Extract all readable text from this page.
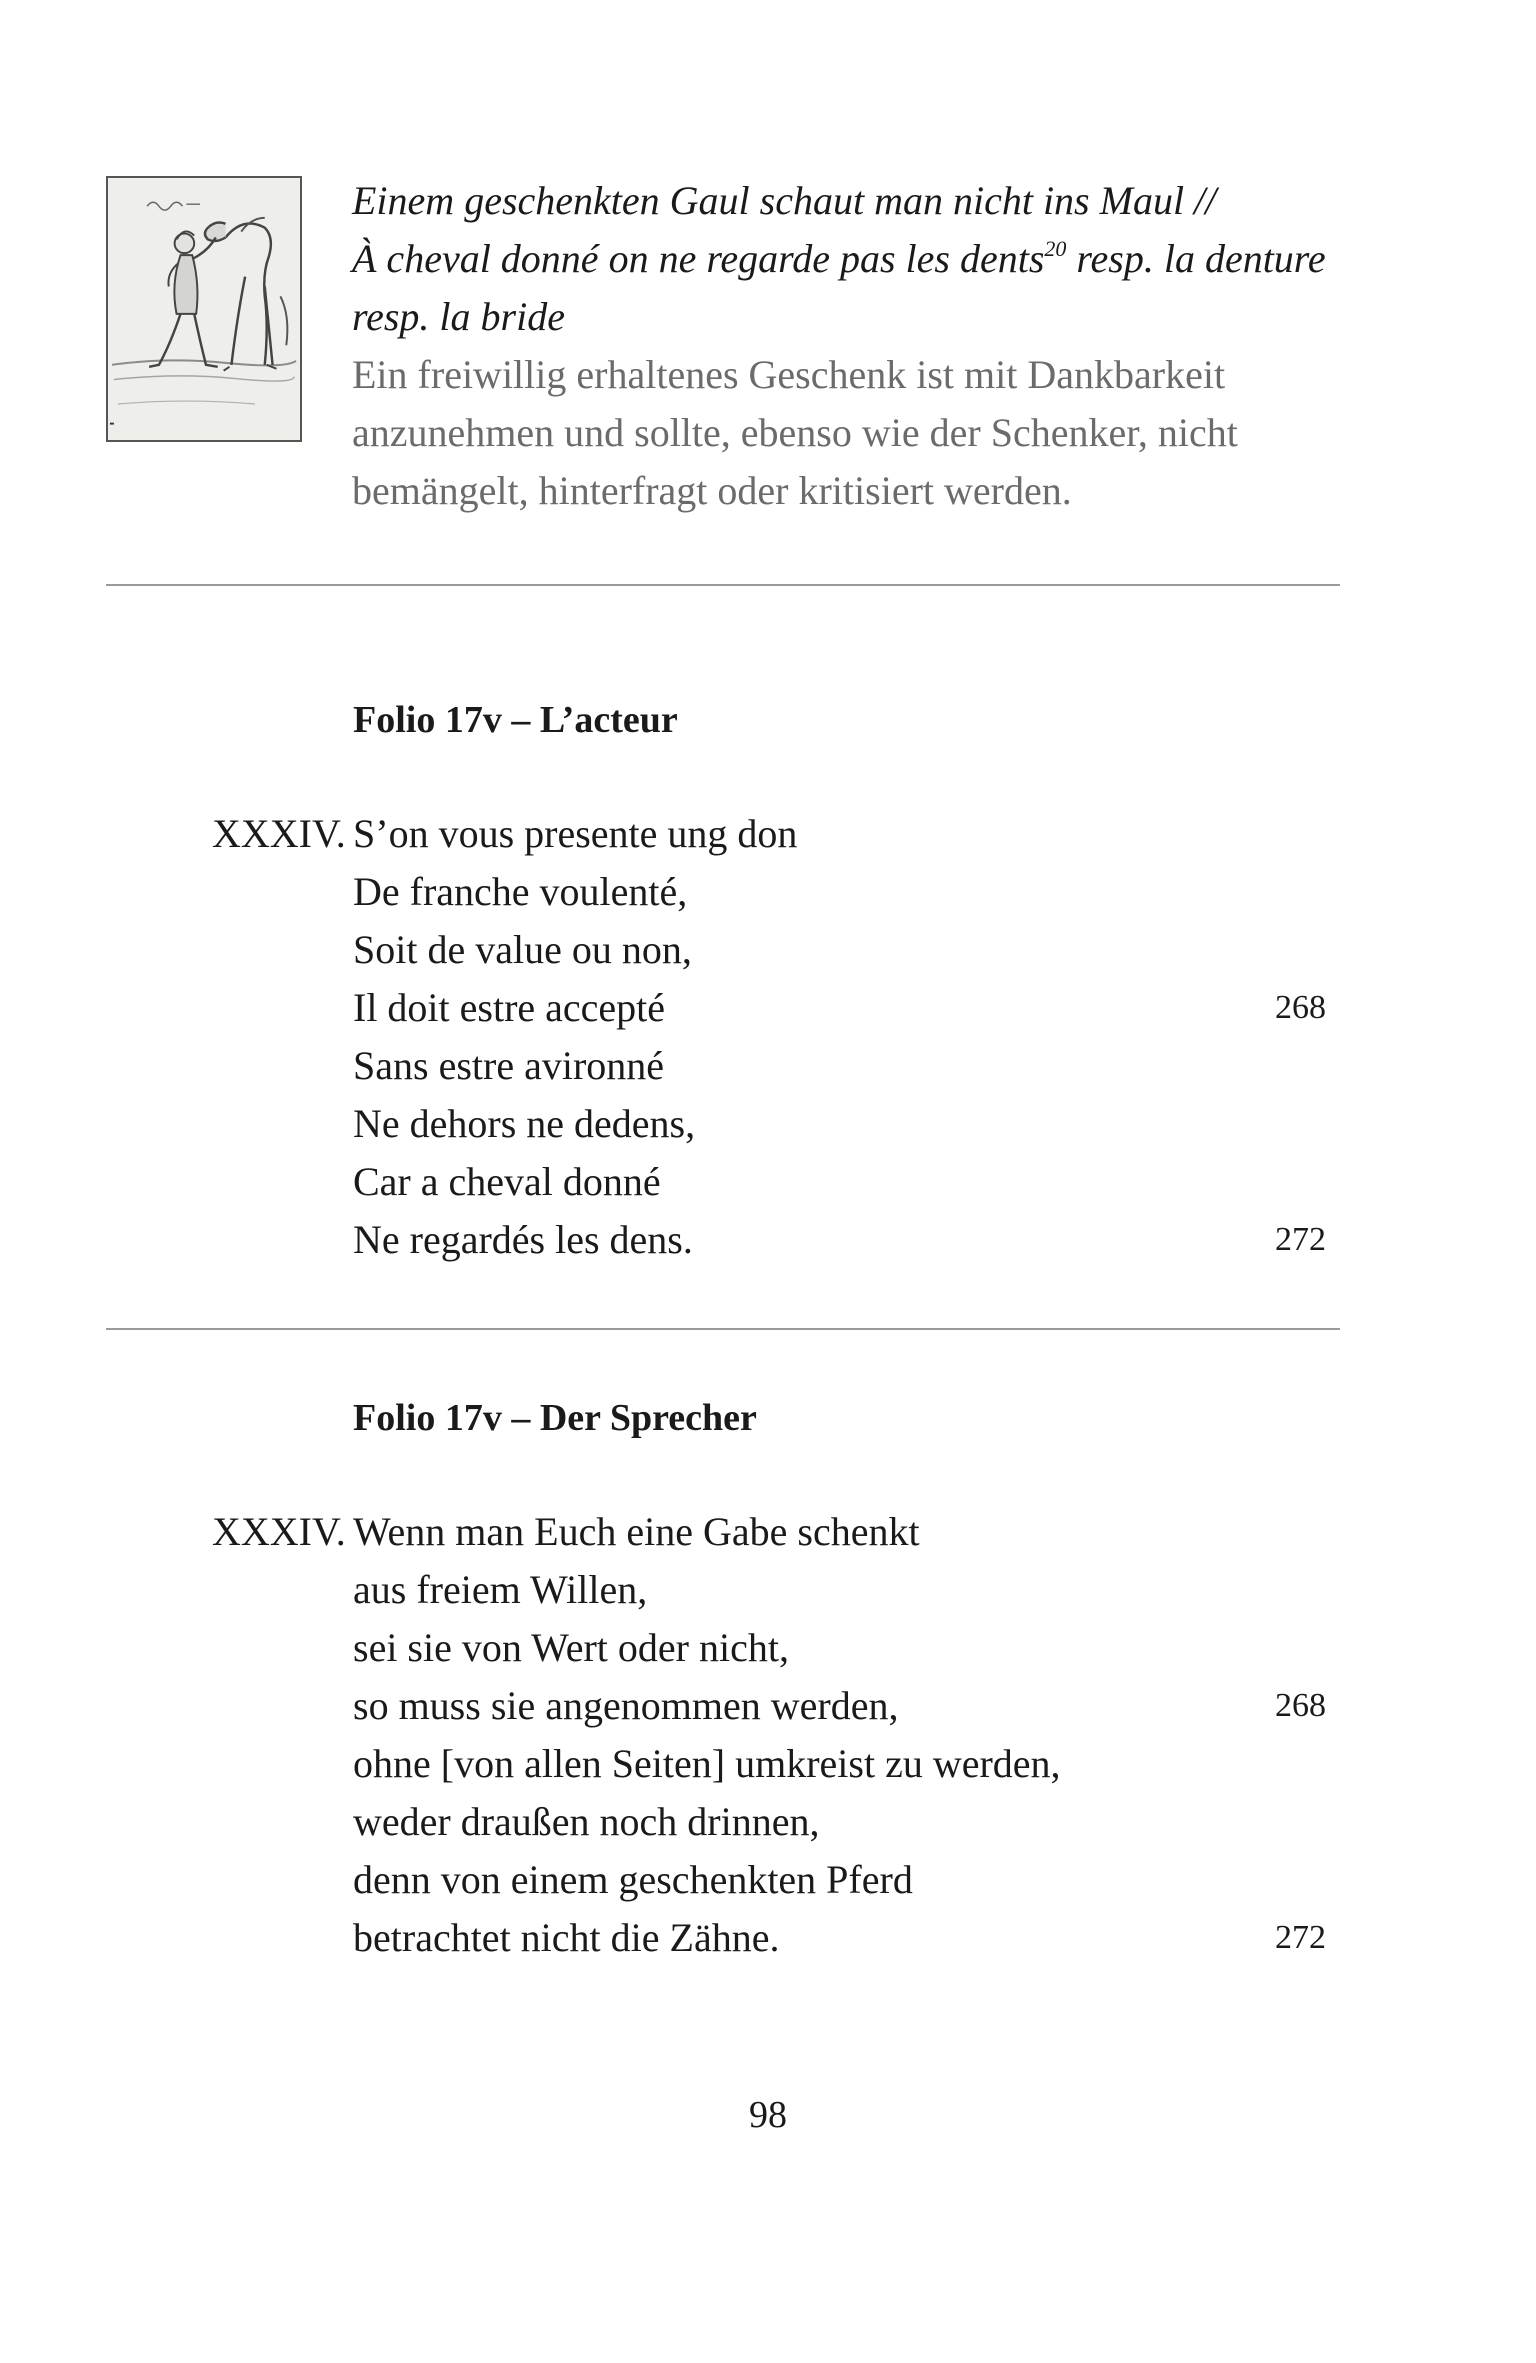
Einem geschenkten Gaul schaut man nicht ins Maul //
À cheval donné on ne regarde pas les dents$^{20}$ resp. la denture
resp. la bride
Ein freiwillig erhaltenes Geschenk ist mit Dankbarkeit
anzunehmen und sollte, ebenso wie der Schenker, nicht
bemängelt, hinterfragt oder kritisiert werden.
Folio 17v – L’acteur
XXXIV. S’on vous presente ung don
De franche voulenté,
Soit de value ou non,
Il doit estre accepté	268
Sans estre avironné
Ne dehors ne dedens,
Car a cheval donné
Ne regardés les dens.	272
Folio 17v – Der Sprecher
XXXIV. Wenn man Euch eine Gabe schenkt
aus freiem Willen,
sei sie von Wert oder nicht,
so muss sie angenommen werden,	268
ohne [von allen Seiten] umkreist zu werden,
weder draußen noch drinnen,
denn von einem geschenkten Pferd
betrachtet nicht die Zähne.	272
98
